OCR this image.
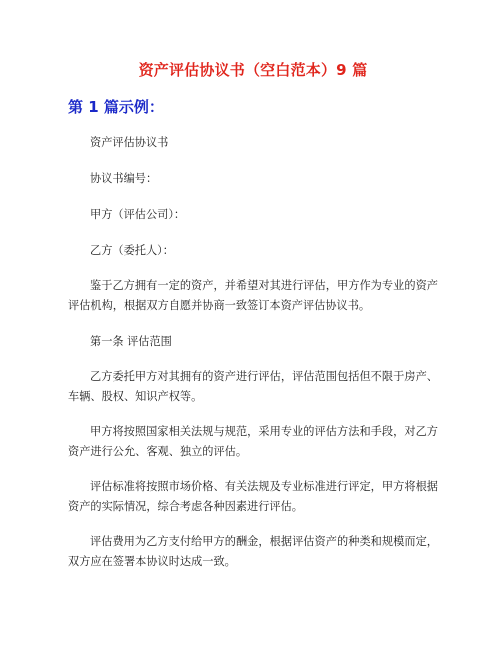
资产评估协议书（空白范本）9 篇
第 1 篇示例：

资产评估协议书

协议书编号：

甲方（评估公司）：

乙方（委托人）：

鉴于乙方拥有一定的资产，并希望对其进行评估，甲方作为专业的资产评估机构，根据双方自愿并协商一致签订本资产评估协议书。

第一条 评估范围

乙方委托甲方对其拥有的资产进行评估，评估范围包括但不限于房产、车辆、股权、知识产权等。

甲方将按照国家相关法规与规范，采用专业的评估方法和手段，对乙方资产进行公允、客观、独立的评估。

评估标准将按照市场价格、有关法规及专业标准进行评定，甲方将根据资产的实际情况，综合考虑各种因素进行评估。

评估费用为乙方支付给甲方的酬金，根据评估资产的种类和规模而定，双方应在签署本协议时达成一致。
